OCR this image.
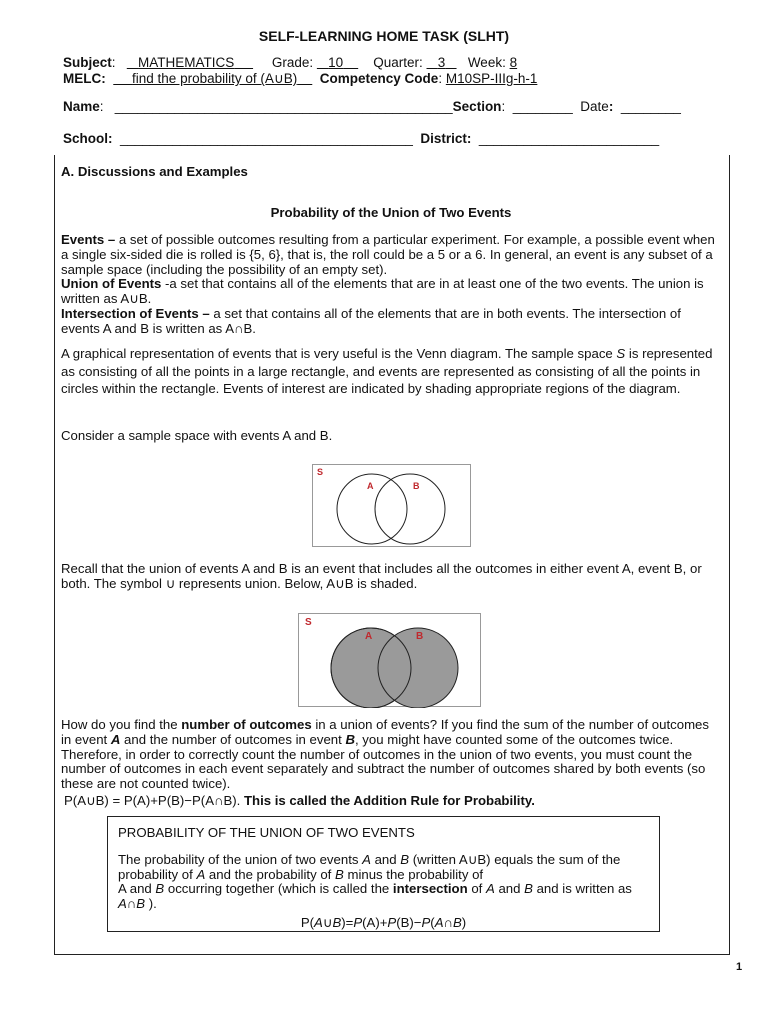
SELF-LEARNING HOME TASK (SLHT)
Subject:      MATHEMATICS	Grade: 10 Quarter: 3 Week: 8
MELC: find the probability of (A∪B) Competency Code: M10SP-IIIg-h-1
Name:   _____________________________________________Section:  ________ Date: ________
School: _______________________________________ District: ________________________
A. Discussions and Examples
Probability of the Union of Two Events
Events – a set of possible outcomes resulting from a particular experiment. For example, a possible event when a single six-sided die is rolled is {5, 6}, that is, the roll could be a 5 or a 6. In general, an event is any subset of a sample space (including the possibility of an empty set).
Union of Events -a set that contains all of the elements that are in at least one of the two events. The union is written as A∪B.
Intersection of Events – a set that contains all of the elements that are in both events. The intersection of events A and B is written as A∩B.
A graphical representation of events that is very useful is the Venn diagram. The sample space S is represented as consisting of all the points in a large rectangle, and events are represented as consisting of all the points in circles within the rectangle. Events of interest are indicated by shading appropriate regions of the diagram.
Consider a sample space with events A and B.
S
A	B
Recall that the union of events A and B is an event that includes all the outcomes in either event A, event B, or both. The symbol ∪ represents union. Below, A∪B is shaded.
S
A	B
How do you find the number of outcomes in a union of events? If you find the sum of the number of outcomes in event A and the number of outcomes in event B, you might have counted some of the outcomes twice. Therefore, in order to correctly count the number of outcomes in the union of two events, you must count the number of outcomes in each event separately and subtract the number of outcomes shared by both events (so these are not counted twice).
P(A∪B) = P(A)+P(B)−P(A∩B). This is called the Addition Rule for Probability.
PROBABILITY OF THE UNION OF TWO EVENTS
The probability of the union of two events A and B (written A∪B) equals the sum of the probability of A and the probability of B minus the probability of
A and B occurring together (which is called the intersection of A and B and is written as
A∩B ).
P(A∪B)=P(A)+P(B)−P(A∩B)
1
